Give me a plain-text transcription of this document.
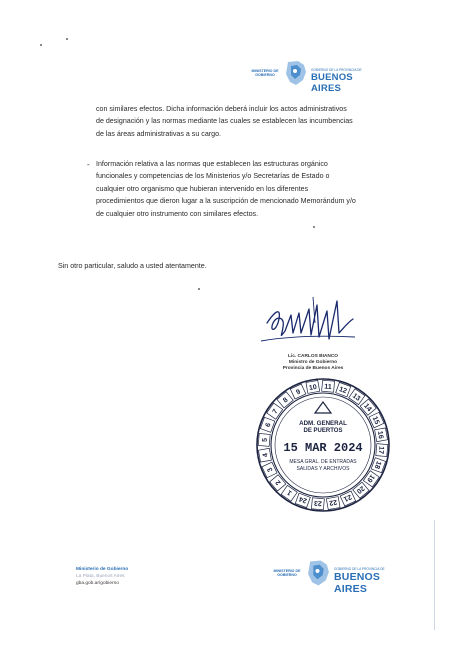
MINISTERIO DE
GOBIERNO
GOBIERNO DE LA PROVINCIA DE
BUENOS AIRES
con similares efectos. Dicha información deberá incluir los actos administrativos
de designación y las normas mediante las cuales se establecen las incumbencias
de las áreas administrativas a su cargo.
- Información relativa a las normas que establecen las estructuras orgánico
funcionales y competencias de los Ministerios y/o Secretarías de Estado o
cualquier otro organismo que hubieran intervenido en los diferentes
procedimientos que dieron lugar a la suscripción de mencionado Memorándum y/o
de cualquier otro instrumento con similares efectos.
Sin otro particular, saludo a usted atentamente.
Lic. CARLOS BIANCO
Ministro de Gobierno
Provincia de Buenos Aires
10 11 12
13
14
15
16
17
18
19
20
21
22
23
24
1
2
3
4
5
6
7
8
9
ADM. GENERAL
DE PUERTOS
15 MAR 2024
MESA GRAL. DE ENTRADAS
SALIDAS Y ARCHIVOS
Ministerio de Gobierno
La Plata, Buenos Aires
gba.gob.ar/gobierno
MINISTERIO DE
GOBIERNO
GOBIERNO DE LA PROVINCIA DE
BUENOS AIRES
